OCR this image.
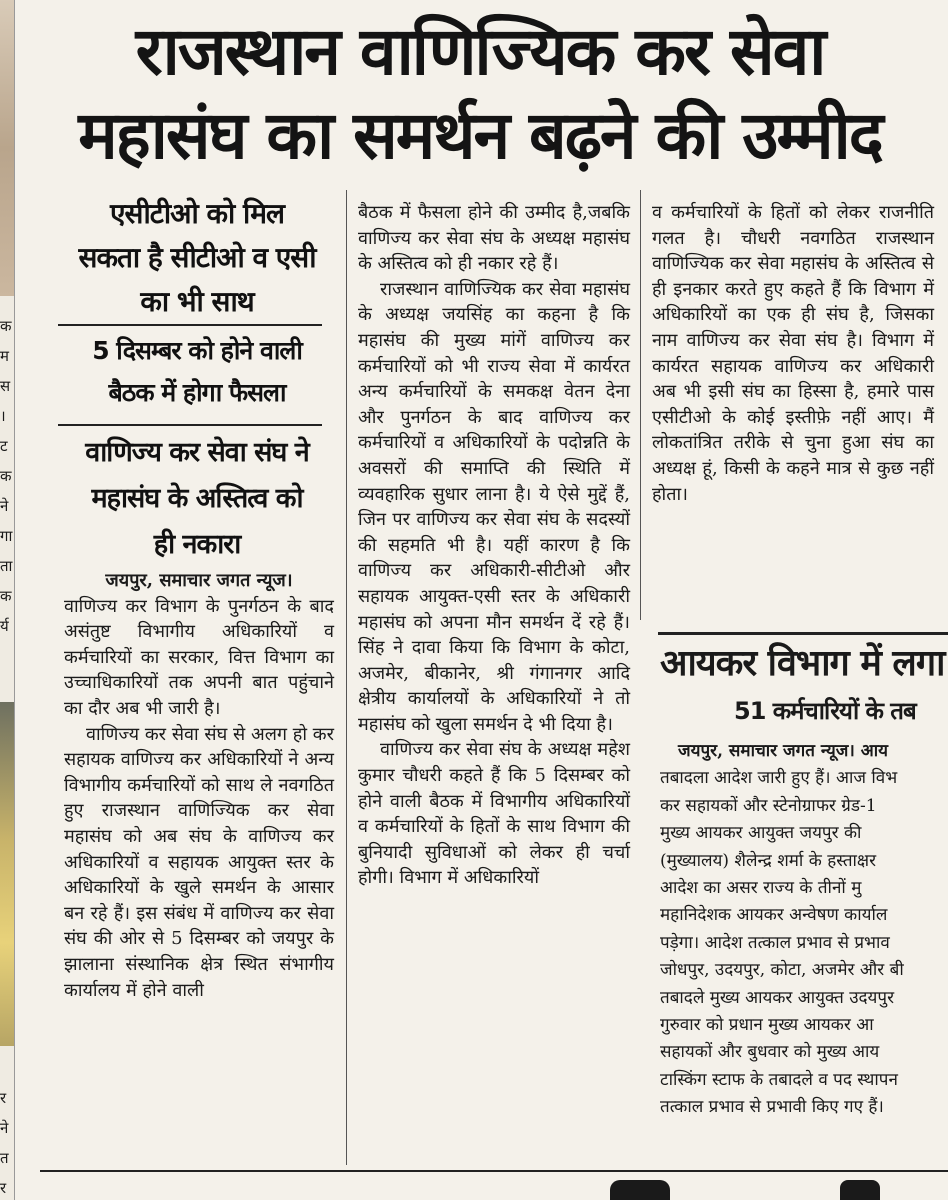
क
म
स
।
ट
क
ने
गा
ता
क
र्य
र
ने
त
र
राजस्थान वाणिज्यिक कर सेवा
महासंघ का समर्थन बढ़ने की उम्मीद
एसीटीओ को मिल
सकता है सीटीओ व एसी
का भी साथ
5 दिसम्बर को होने वाली
बैठक में होगा फैसला
वाणिज्य कर सेवा संघ ने
महासंघ के अस्तित्व को
ही नकारा

जयपुर, समाचार जगत न्यूज।

वाणिज्य कर विभाग के पुनर्गठन के बाद असंतुष्ट विभागीय अधिकारियों व कर्मचारियों का सरकार, वित्त विभाग का उच्चाधिकारियों तक अपनी बात पहुंचाने का दौर अब भी जारी है।

वाणिज्य कर सेवा संघ से अलग हो कर सहायक वाणिज्य कर अधिकारियों ने अन्य विभागीय कर्मचारियों को साथ ले नवगठित हुए राजस्थान वाणिज्यिक कर सेवा महासंघ को अब संघ के वाणिज्य कर अधिकारियों व सहायक आयुक्त स्तर के अधिकारियों के खुले समर्थन के आसार बन रहे हैं। इस संबंध में वाणिज्य कर सेवा संघ की ओर से 5 दिसम्बर को जयपुर के झालाना संस्थानिक क्षेत्र स्थित संभागीय कार्यालय में होने वाली

बैठक में फैसला होने की उम्मीद है,जबकि वाणिज्य कर सेवा संघ के अध्यक्ष महासंघ के अस्तित्व को ही नकार रहे हैं।

राजस्थान वाणिज्यिक कर सेवा महासंघ के अध्यक्ष जयसिंह का कहना है कि महासंघ की मुख्य मांगें वाणिज्य कर कर्मचारियों को भी राज्य सेवा में कार्यरत अन्य कर्मचारियों के समकक्ष वेतन देना और पुनर्गठन के बाद वाणिज्य कर कर्मचारियों व अधिकारियों के पदोन्नति के अवसरों की समाप्ति की स्थिति में व्यवहारिक सुधार लाना है। ये ऐसे मुद्दें हैं, जिन पर वाणिज्य कर सेवा संघ के सदस्यों की सहमति भी है। यहीं कारण है कि वाणिज्य कर अधिकारी-सीटीओ और सहायक आयुक्त-एसी स्तर के अधिकारी महासंघ को अपना मौन समर्थन दें रहे हैं। सिंह ने दावा किया कि विभाग के कोटा, अजमेर, बीकानेर, श्री गंगानगर आदि क्षेत्रीय कार्यालयों के अधिकारियों ने तो महासंघ को खुला समर्थन दे भी दिया है।

वाणिज्य कर सेवा संघ के अध्यक्ष महेश कुमार चौधरी कहते हैं कि 5 दिसम्बर को होने वाली बैठक में विभागीय अधिकारियों व कर्मचारियों के हितों के साथ विभाग की बुनियादी सुविधाओं को लेकर ही चर्चा होगी। विभाग में अधिकारियों

व कर्मचारियों के हितों को लेकर राजनीति गलत है। चौधरी नवगठित राजस्थान वाणिज्यिक कर सेवा महासंघ के अस्तित्व से ही इनकार करते हुए कहते हैं कि विभाग में अधिकारियों का एक ही संघ है, जिसका नाम वाणिज्य कर सेवा संघ है। विभाग में कार्यरत सहायक वाणिज्य कर अधिकारी अब भी इसी संघ का हिस्सा है, हमारे पास एसीटीओ के कोई इस्तीफ़े नहीं आए। मैं लोकतांत्रित तरीके से चुना हुआ संघ का अध्यक्ष हूं, किसी के कहने मात्र से कुछ नहीं होता।

आयकर विभाग में लगा
51 कर्मचारियों के तब
जयपुर, समाचार जगत न्यूज। आय
तबादला आदेश जारी हुए हैं। आज विभ
कर सहायकों और स्टेनोग्राफर ग्रेड-1
मुख्य आयकर आयुक्त जयपुर की
(मुख्यालय) शैलेन्द्र शर्मा के हस्ताक्षर
आदेश का असर राज्य के तीनों मु
महानिदेशक आयकर अन्वेषण कार्याल
पड़ेगा। आदेश तत्काल प्रभाव से प्रभाव
जोधपुर, उदयपुर, कोटा, अजमेर और बी
तबादले मुख्य आयकर आयुक्त उदयपुर
गुरुवार को प्रधान मुख्य आयकर आ
सहायकों और बुधवार को मुख्य आय
टास्किंग स्टाफ के तबादले व पद स्थापन
तत्काल प्रभाव से प्रभावी किए गए हैं।
